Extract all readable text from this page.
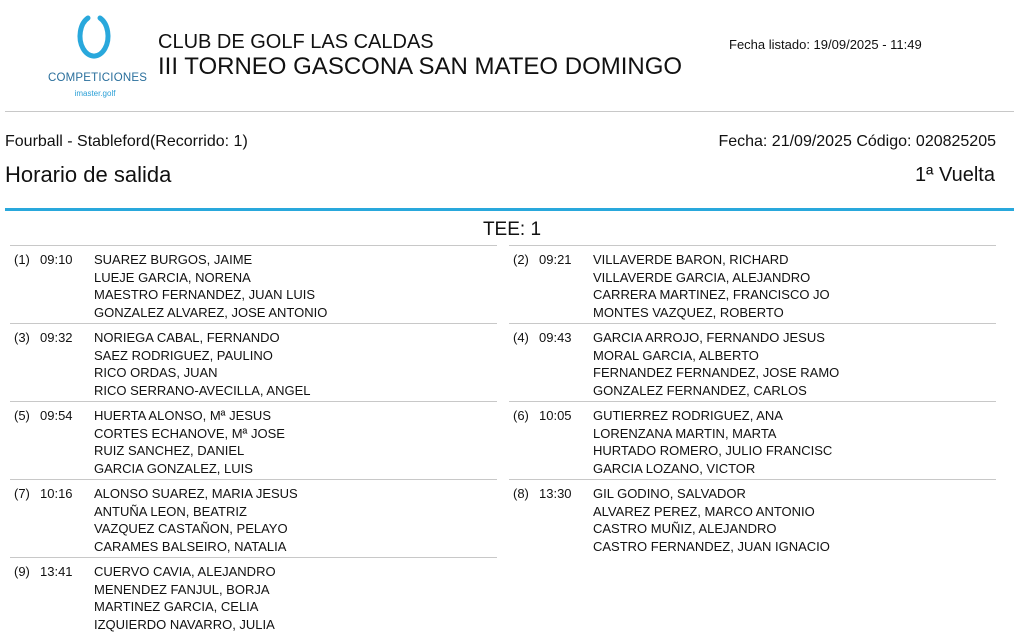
COMPETICIONES
imaster.golf
CLUB DE GOLF LAS CALDAS
III TORNEO GASCONA SAN MATEO DOMINGO
Fecha listado: 19/09/2025 - 11:49
Fourball - Stableford(Recorrido: 1)	Fecha: 21/09/2025 Código: 020825205
Horario de salida	1ª Vuelta
TEE: 1
(1) 09:10	SUAREZ BURGOS, JAIME
LUEJE GARCIA, NORENA
MAESTRO FERNANDEZ, JUAN LUIS
GONZALEZ ALVAREZ, JOSE ANTONIO
(2) 09:21	VILLAVERDE BARON, RICHARD
VILLAVERDE GARCIA, ALEJANDRO
CARRERA MARTINEZ, FRANCISCO JO
MONTES VAZQUEZ, ROBERTO
(3) 09:32	NORIEGA CABAL, FERNANDO
SAEZ RODRIGUEZ, PAULINO
RICO ORDAS, JUAN
RICO SERRANO-AVECILLA, ANGEL
(4) 09:43	GARCIA ARROJO, FERNANDO JESUS
MORAL GARCIA, ALBERTO
FERNANDEZ FERNANDEZ, JOSE RAMO
GONZALEZ FERNANDEZ, CARLOS
(5) 09:54	HUERTA ALONSO, Mª JESUS
CORTES ECHANOVE, Mª JOSE
RUIZ SANCHEZ, DANIEL
GARCIA GONZALEZ, LUIS
(6) 10:05	GUTIERREZ RODRIGUEZ, ANA
LORENZANA MARTIN, MARTA
HURTADO ROMERO, JULIO FRANCISC
GARCIA LOZANO, VICTOR
(7) 10:16	ALONSO SUAREZ, MARIA JESUS
ANTUÑA LEON, BEATRIZ
VAZQUEZ CASTAÑON, PELAYO
CARAMES BALSEIRO, NATALIA
(8) 13:30	GIL GODINO, SALVADOR
ALVAREZ PEREZ, MARCO ANTONIO
CASTRO MUÑIZ, ALEJANDRO
CASTRO FERNANDEZ, JUAN IGNACIO
(9) 13:41	CUERVO CAVIA, ALEJANDRO
MENENDEZ FANJUL, BORJA
MARTINEZ GARCIA, CELIA
IZQUIERDO NAVARRO, JULIA
